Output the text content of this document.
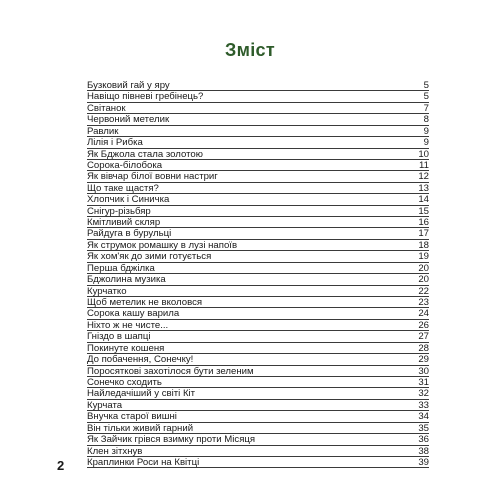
Зміст
Бузковий гай у яру	5
Навіщо півневі гребінець?	5
Світанок	7
Червоний метелик	8
Равлик	9
Лілія і Рибка	9
Як Бджола стала золотою	10
Сорока-білобока	11
Як вівчар білої вовни настриг	12
Що таке щастя?	13
Хлопчик і Синичка	14
Снігур-різьбяр	15
Кмітливий скляр	16
Райдуга в бурульці	17
Як струмок ромашку в лузі напоїв	18
Як хом'як до зими готується	19
Перша бджілка	20
Бджолина музика	20
Курчатко	22
Щоб метелик не вколовся	23
Сорока кашу варила	24
Ніхто ж не чисте...	26
Гніздо в шапці	27
Покинуте кошеня	28
До побачення, Сонечку!	29
Поросяткові захотілося бути зеленим	30
Сонечко сходить	31
Найледачіший у світі Кіт	32
Курчата	33
Внучка старої вишні	34
Він тільки живий гарний	35
Як Зайчик грівся взимку проти Місяця	36
Клен зітхнув	38
Краплинки Роси на Квітці	39
2
